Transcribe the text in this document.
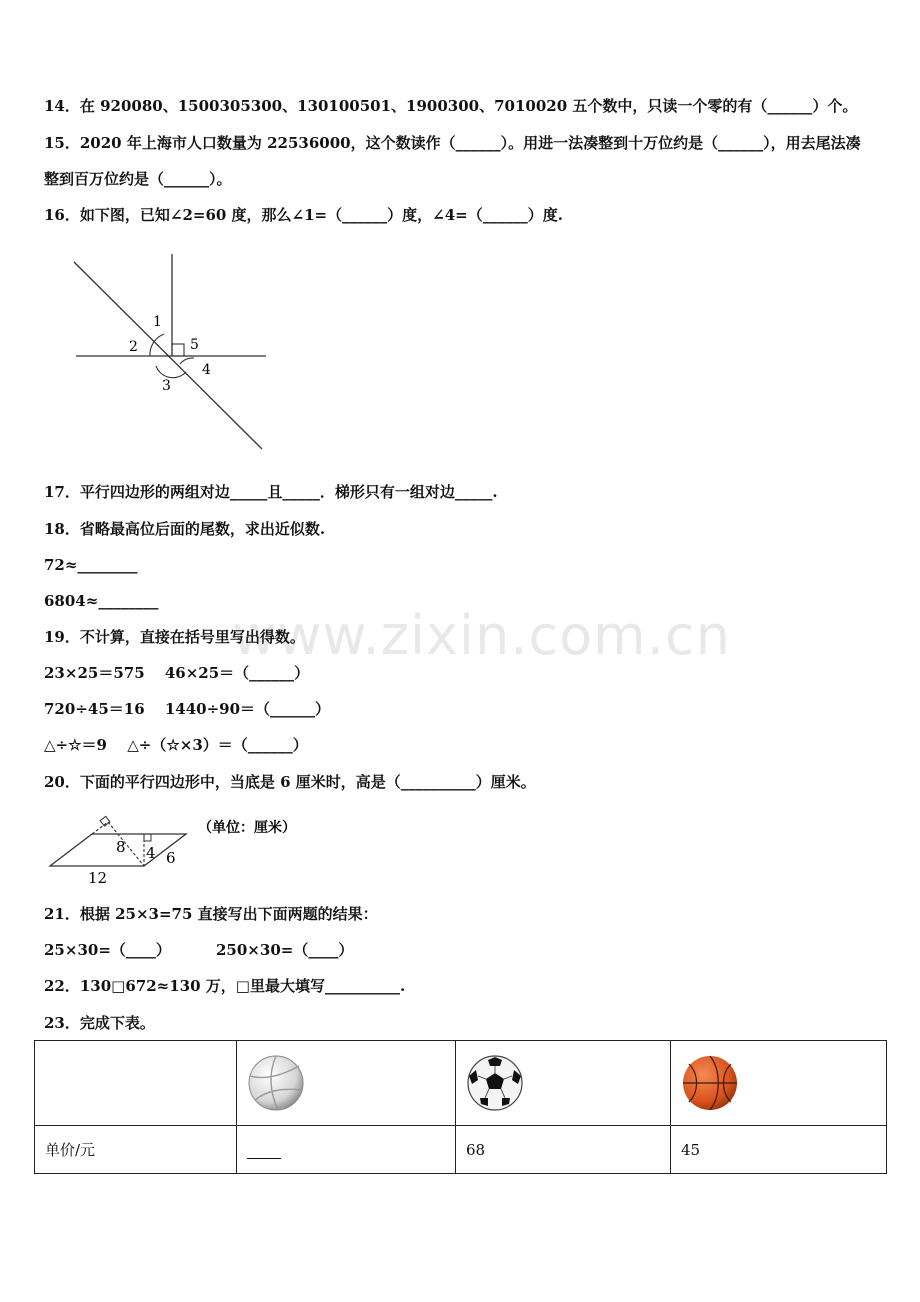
14．在 920080、1500305300、130100501、1900300、7010020 五个数中，只读一个零的有（______）个。
15．2020 年上海市人口数量为 22536000，这个数读作（______）。用进一法凑整到十万位约是（______），用去尾法凑
整到百万位约是（______）。
16．如下图，已知∠2=60 度，那么∠1=（______）度，∠4=（______）度.
1
2	5
3
4
17．平行四边形的两组对边_____且_____．梯形只有一组对边_____.
18．省略最高位后面的尾数，求出近似数.
72≈________
6804≈________
www.zixin.com.cn
19．不计算，直接在括号里写出得数。
23×25＝575　 46×25＝（______）
720÷45＝16　 1440÷90＝（______）
△÷☆＝9　 △÷（☆×3）＝（______）
20．下面的平行四边形中，当底是 6 厘米时，高是（__________）厘米。
8 4 6
12
（单位：厘米）
21．根据 25×3=75 直接写出下面两题的结果：
25×30=（____）	250×30=（____）
22．130□672≈130 万，□里最大填写__________.
23．完成下表。

单价/元		68	45
